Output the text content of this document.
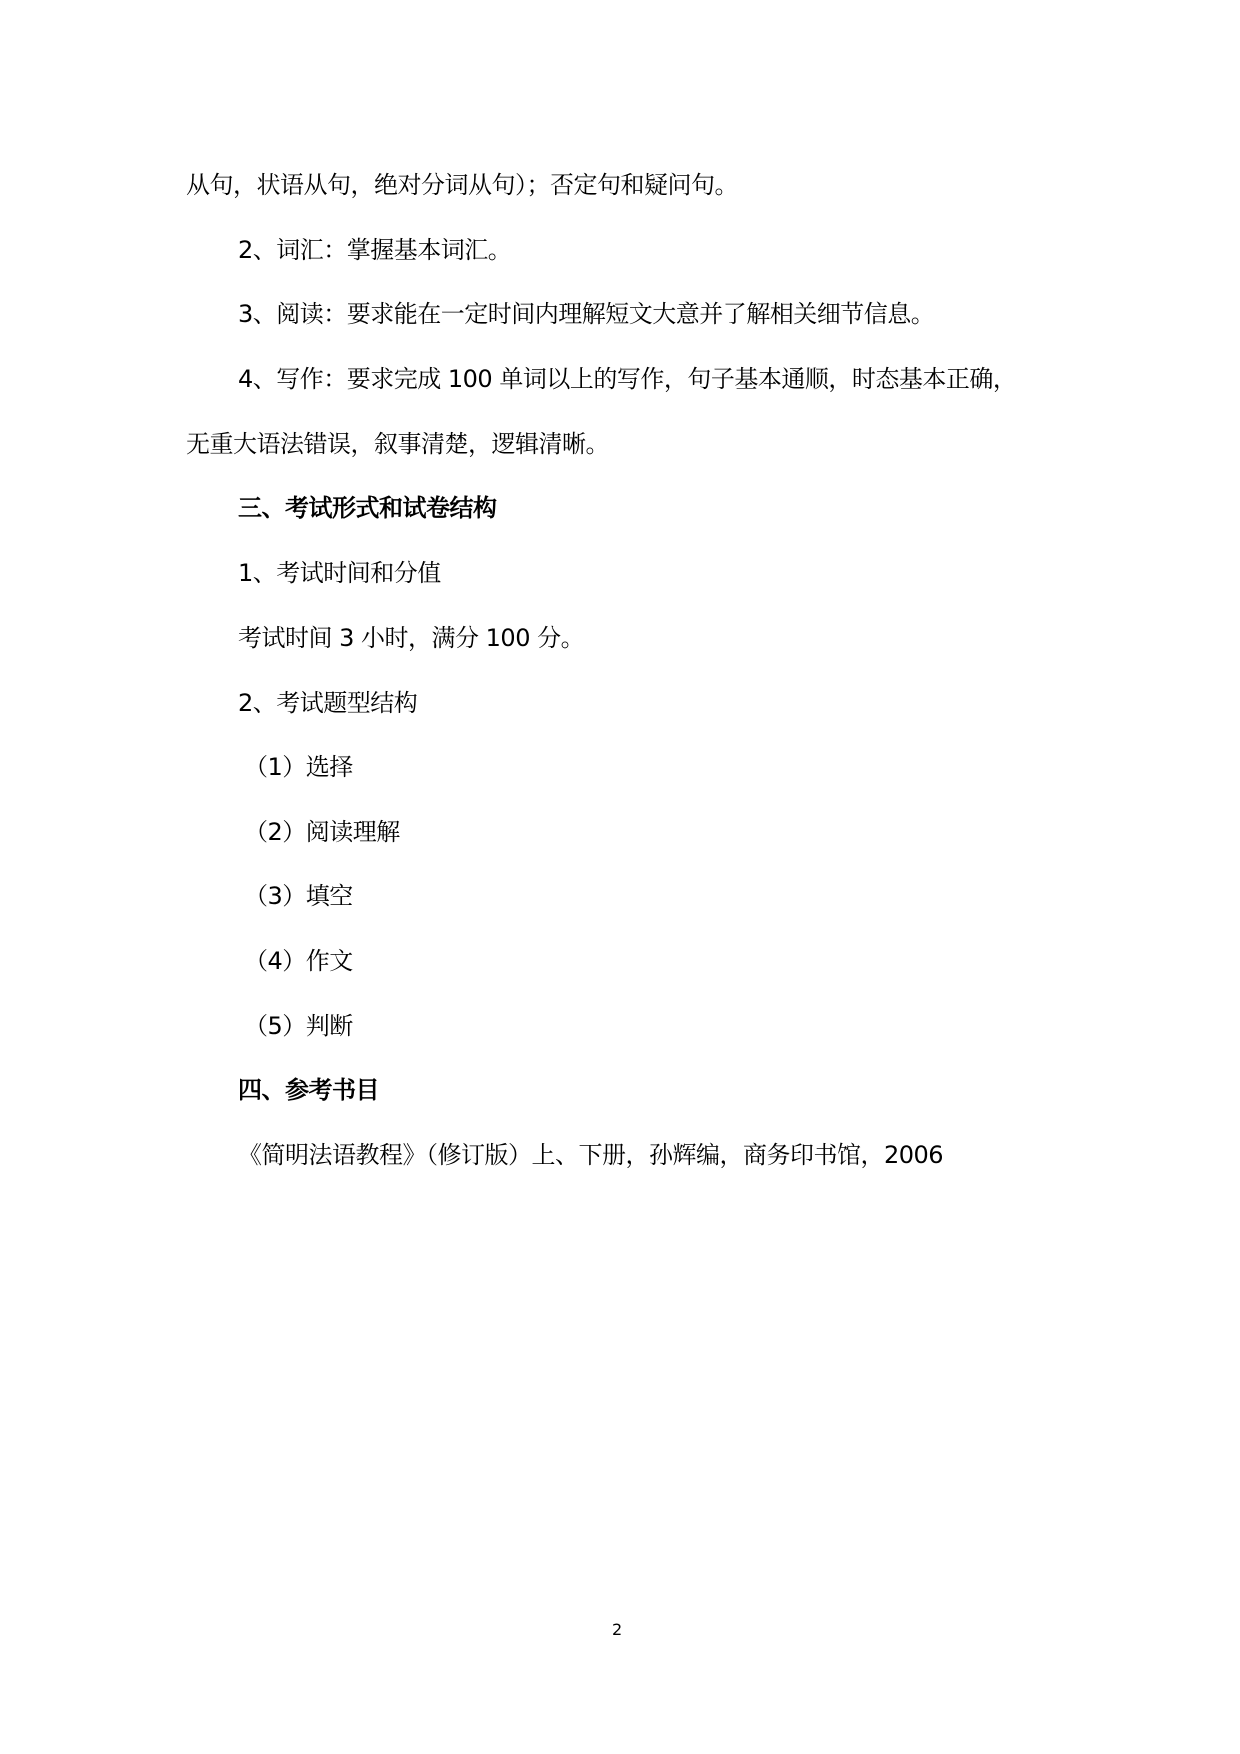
从句，状语从句，绝对分词从句）；否定句和疑问句。
2、词汇：掌握基本词汇。
3、阅读：要求能在一定时间内理解短文大意并了解相关细节信息。
4、写作：要求完成 100 单词以上的写作，句子基本通顺，时态基本正确，
无重大语法错误，叙事清楚，逻辑清晰。
三、考试形式和试卷结构
1、考试时间和分值
考试时间 3 小时，满分 100 分。
2、考试题型结构
（1）选择
（2）阅读理解
（3）填空
（4）作文
（5）判断
四、参考书目
《简明法语教程》（修订版）上、下册，孙辉编，商务印书馆，2006
2
